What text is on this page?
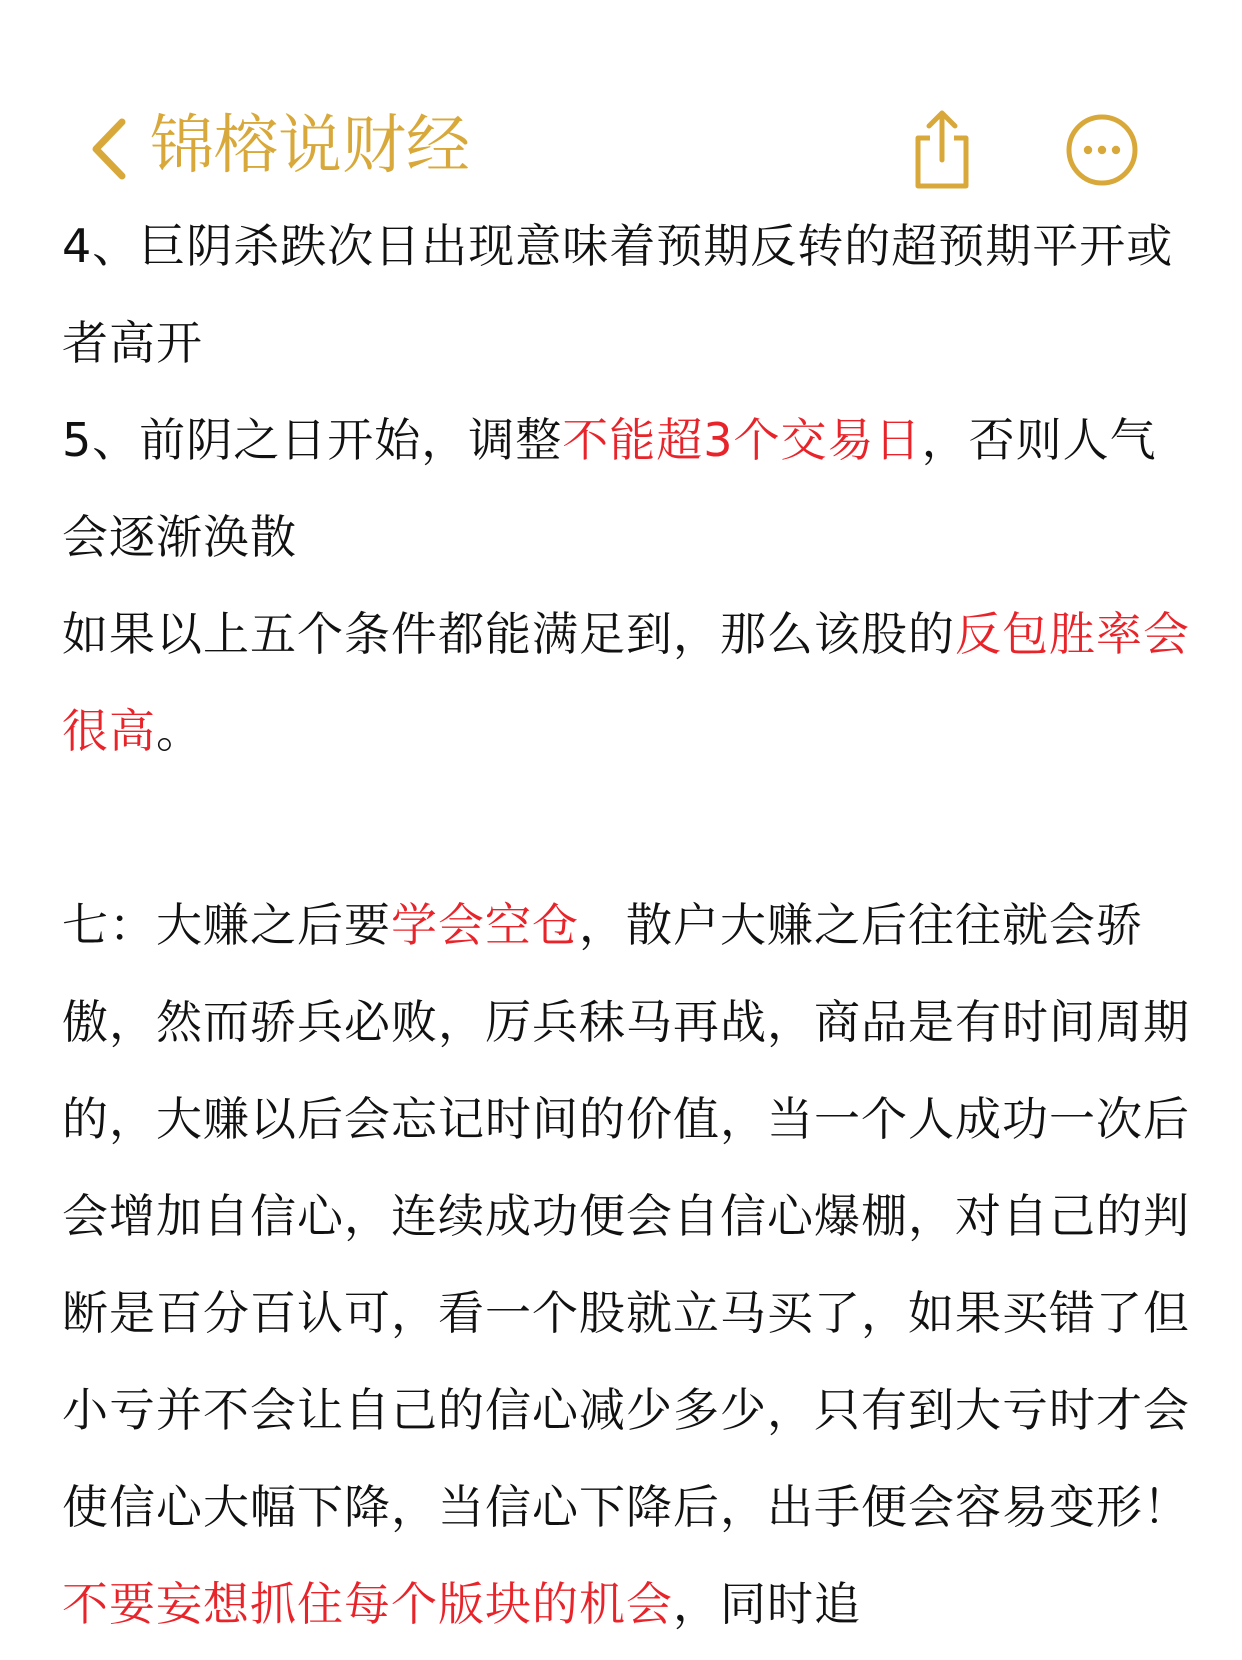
锦榕说财经

4、巨阴杀跌次日出现意味着预期反转的超预期平开或者高开

5、前阴之日开始，调整不能超3个交易日，否则人气会逐渐涣散

如果以上五个条件都能满足到，那么该股的反包胜率会很高。

七：大赚之后要学会空仓，散户大赚之后往往就会骄傲，然而骄兵必败，厉兵秣马再战，商品是有时间周期的，大赚以后会忘记时间的价值，当一个人成功一次后会增加自信心，连续成功便会自信心爆棚，对自己的判断是百分百认可，看一个股就立马买了，如果买错了但小亏并不会让自己的信心减少多少，只有到大亏时才会使信心大幅下降，当信心下降后，出手便会容易变形！不要妄想抓住每个版块的机会，同时追
